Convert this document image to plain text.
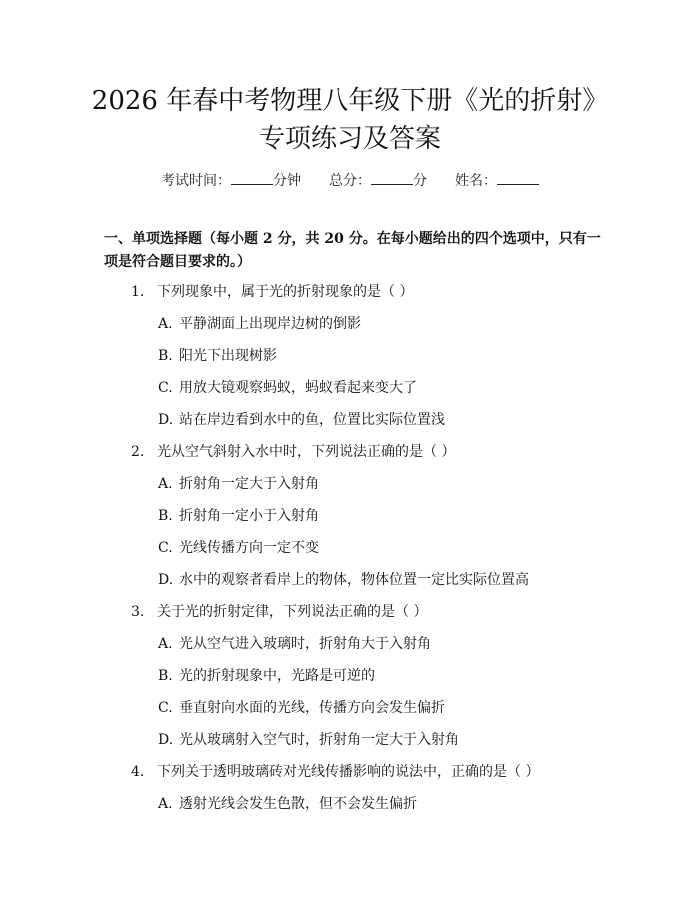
2026 年春中考物理八年级下册《光的折射》
专项练习及答案
考试时间：	分钟 总分：	分 姓名：
一、单项选择题（每小题 2 分，共 20 分。在每小题给出的四个选项中，只有一项是符合题目要求的。）
1. 下列现象中，属于光的折射现象的是（ ）
A. 平静湖面上出现岸边树的倒影
B. 阳光下出现树影
C. 用放大镜观察蚂蚁，蚂蚁看起来变大了
D. 站在岸边看到水中的鱼，位置比实际位置浅
2. 光从空气斜射入水中时，下列说法正确的是（ ）
A. 折射角一定大于入射角
B. 折射角一定小于入射角
C. 光线传播方向一定不变
D. 水中的观察者看岸上的物体，物体位置一定比实际位置高
3. 关于光的折射定律，下列说法正确的是（ ）
A. 光从空气进入玻璃时，折射角大于入射角
B. 光的折射现象中，光路是可逆的
C. 垂直射向水面的光线，传播方向会发生偏折
D. 光从玻璃射入空气时，折射角一定大于入射角
4. 下列关于透明玻璃砖对光线传播影响的说法中，正确的是（ ）
A. 透射光线会发生色散，但不会发生偏折
